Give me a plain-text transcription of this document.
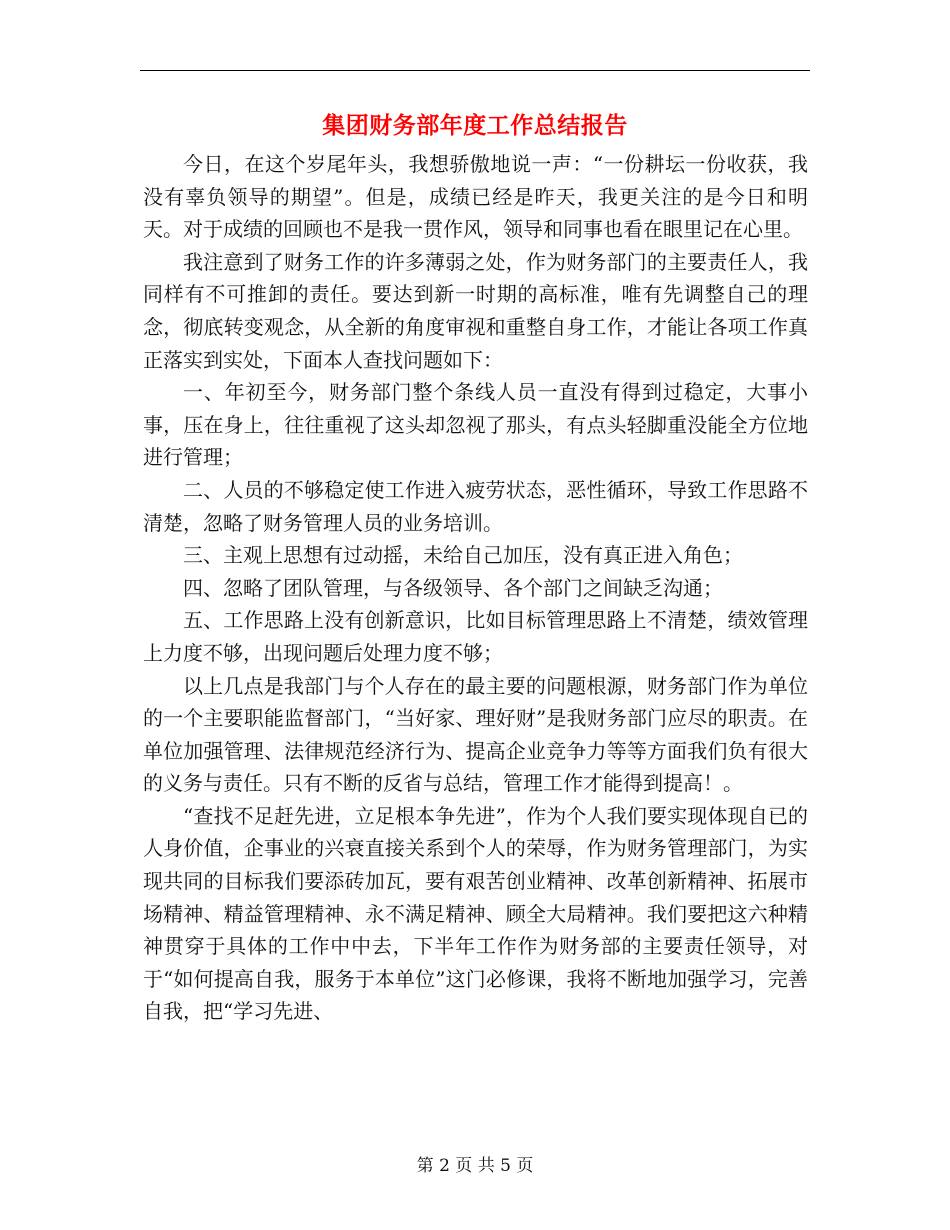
集团财务部年度工作总结报告

今日，在这个岁尾年头，我想骄傲地说一声：“一份耕坛一份收获，我没有辜负领导的期望”。但是，成绩已经是昨天，我更关注的是今日和明天。对于成绩的回顾也不是我一贯作风，领导和同事也看在眼里记在心里。

我注意到了财务工作的许多薄弱之处，作为财务部门的主要责任人，我同样有不可推卸的责任。要达到新一时期的高标准，唯有先调整自己的理念，彻底转变观念，从全新的角度审视和重整自身工作，才能让各项工作真正落实到实处，下面本人查找问题如下：

一、年初至今，财务部门整个条线人员一直没有得到过稳定，大事小事，压在身上，往往重视了这头却忽视了那头，有点头轻脚重没能全方位地进行管理；

二、人员的不够稳定使工作进入疲劳状态，恶性循环，导致工作思路不清楚，忽略了财务管理人员的业务培训。

三、主观上思想有过动摇，未给自己加压，没有真正进入角色；

四、忽略了团队管理，与各级领导、各个部门之间缺乏沟通；

五、工作思路上没有创新意识，比如目标管理思路上不清楚，绩效管理上力度不够，出现问题后处理力度不够；

以上几点是我部门与个人存在的最主要的问题根源，财务部门作为单位的一个主要职能监督部门，“当好家、理好财”是我财务部门应尽的职责。在单位加强管理、法律规范经济行为、提高企业竞争力等等方面我们负有很大的义务与责任。只有不断的反省与总结，管理工作才能得到提高！。

“查找不足赶先进，立足根本争先进”，作为个人我们要实现体现自已的人身价值，企事业的兴衰直接关系到个人的荣辱，作为财务管理部门，为实现共同的目标我们要添砖加瓦，要有艰苦创业精神、改革创新精神、拓展市场精神、精益管理精神、永不满足精神、顾全大局精神。我们要把这六种精神贯穿于具体的工作中中去，下半年工作作为财务部的主要责任领导，对于“如何提高自我，服务于本单位”这门必修课，我将不断地加强学习，完善自我，把“学习先进、

第 2 页 共 5 页
